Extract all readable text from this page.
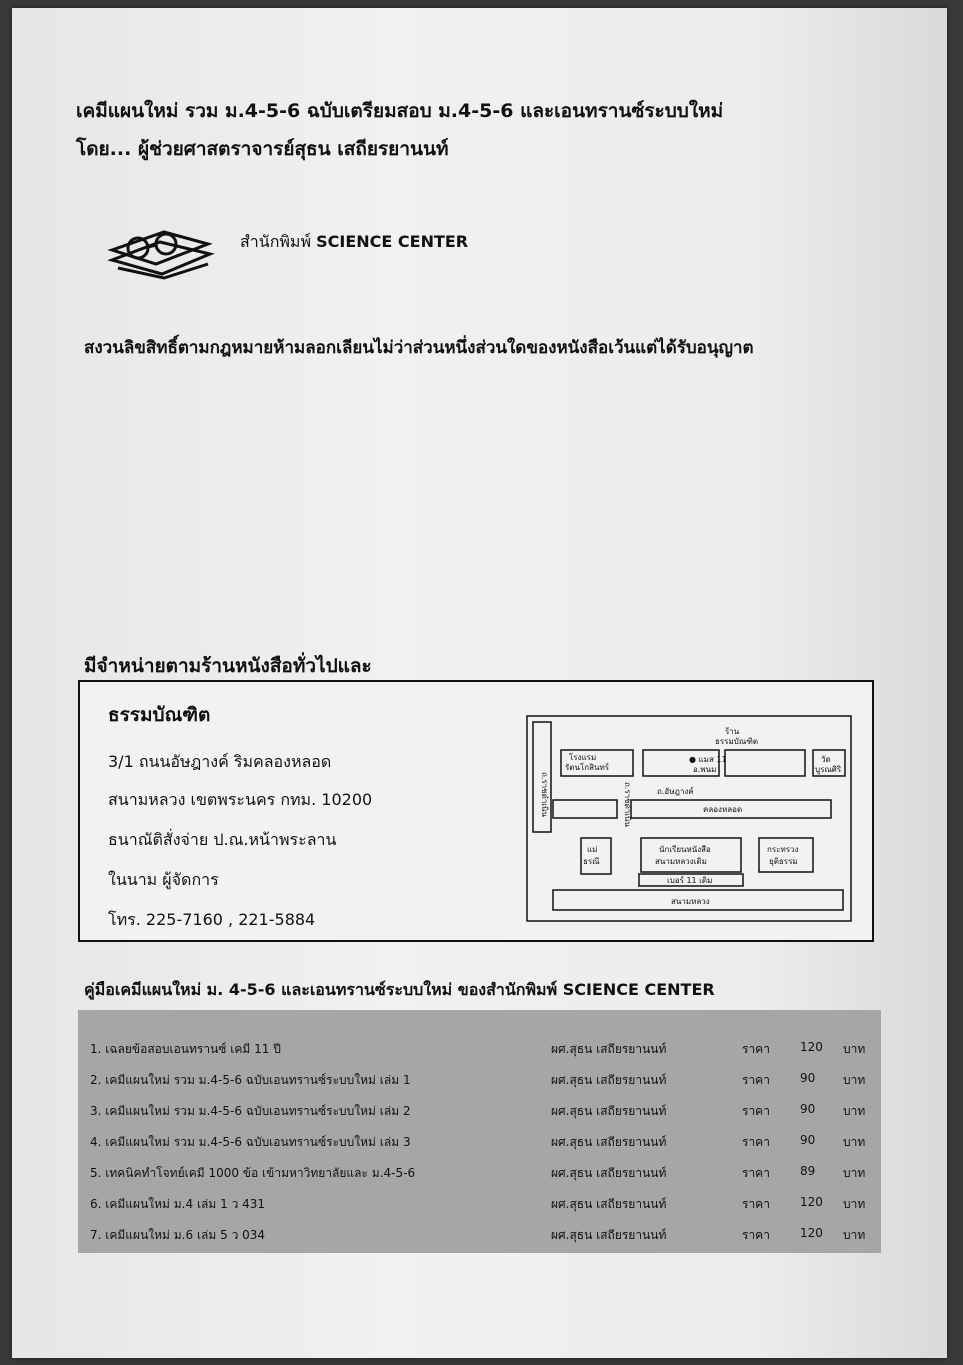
เคมีแผนใหม่ รวม ม.4-5-6 ฉบับเตรียมสอบ ม.4-5-6 และเอนทรานซ์ระบบใหม่
โดย... ผู้ช่วยศาสตราจารย์สุธน เสถียรยานนท์
สำนักพิมพ์ SCIENCE CENTER
สงวนลิขสิทธิ์ตามกฎหมายห้ามลอกเลียนไม่ว่าส่วนหนึ่งส่วนใดของหนังสือเว้นแต่ได้รับอนุญาต
มีจำหน่ายตามร้านหนังสือทั่วไปและ
ธรรมบัณฑิต
3/1 ถนนอัษฎางค์ ริมคลองหลอด
สนามหลวง เขตพระนคร กทม. 10200
ธนาณัติสั่งจ่าย ป.ณ.หน้าพระลาน
ในนาม ผู้จัดการ
โทร. 225-7160 , 221-5884
ถ.ราชดำเนิน
ร้าน
ธรรมบัณฑิต
โรงแรม
รัตนโกสินทร์
● แมส 11
อ.พนม
วัด
บูรณศิริ
ถ.ราชดำเนิน	ถ.อัษฎางค์
คลองหลอด
แม่
ธรณี
นักเรียนหนังสือ
สนามหลวงเดิม
กระทรวง
ยุติธรรม
เบอร์ 11 เดิม
สนามหลวง
คู่มือเคมีแผนใหม่ ม. 4-5-6 และเอนทรานซ์ระบบใหม่ ของสำนักพิมพ์ SCIENCE CENTER
1. เฉลยข้อสอบเอนทรานซ์ เคมี 11 ปี	ผศ.สุธน เสถียรยานนท์	ราคา	120 บาท
2. เคมีแผนใหม่ รวม ม.4-5-6 ฉบับเอนทรานซ์ระบบใหม่ เล่ม 1	ผศ.สุธน เสถียรยานนท์	ราคา	90 บาท
3. เคมีแผนใหม่ รวม ม.4-5-6 ฉบับเอนทรานซ์ระบบใหม่ เล่ม 2	ผศ.สุธน เสถียรยานนท์	ราคา	90 บาท
4. เคมีแผนใหม่ รวม ม.4-5-6 ฉบับเอนทรานซ์ระบบใหม่ เล่ม 3	ผศ.สุธน เสถียรยานนท์	ราคา	90 บาท
5. เทคนิคทำโจทย์เคมี 1000 ข้อ เข้ามหาวิทยาลัยและ ม.4-5-6	ผศ.สุธน เสถียรยานนท์	ราคา	89 บาท
6. เคมีแผนใหม่ ม.4 เล่ม 1 ว 431	ผศ.สุธน เสถียรยานนท์	ราคา	120 บาท
7. เคมีแผนใหม่ ม.6 เล่ม 5 ว 034	ผศ.สุธน เสถียรยานนท์	ราคา	120 บาท
